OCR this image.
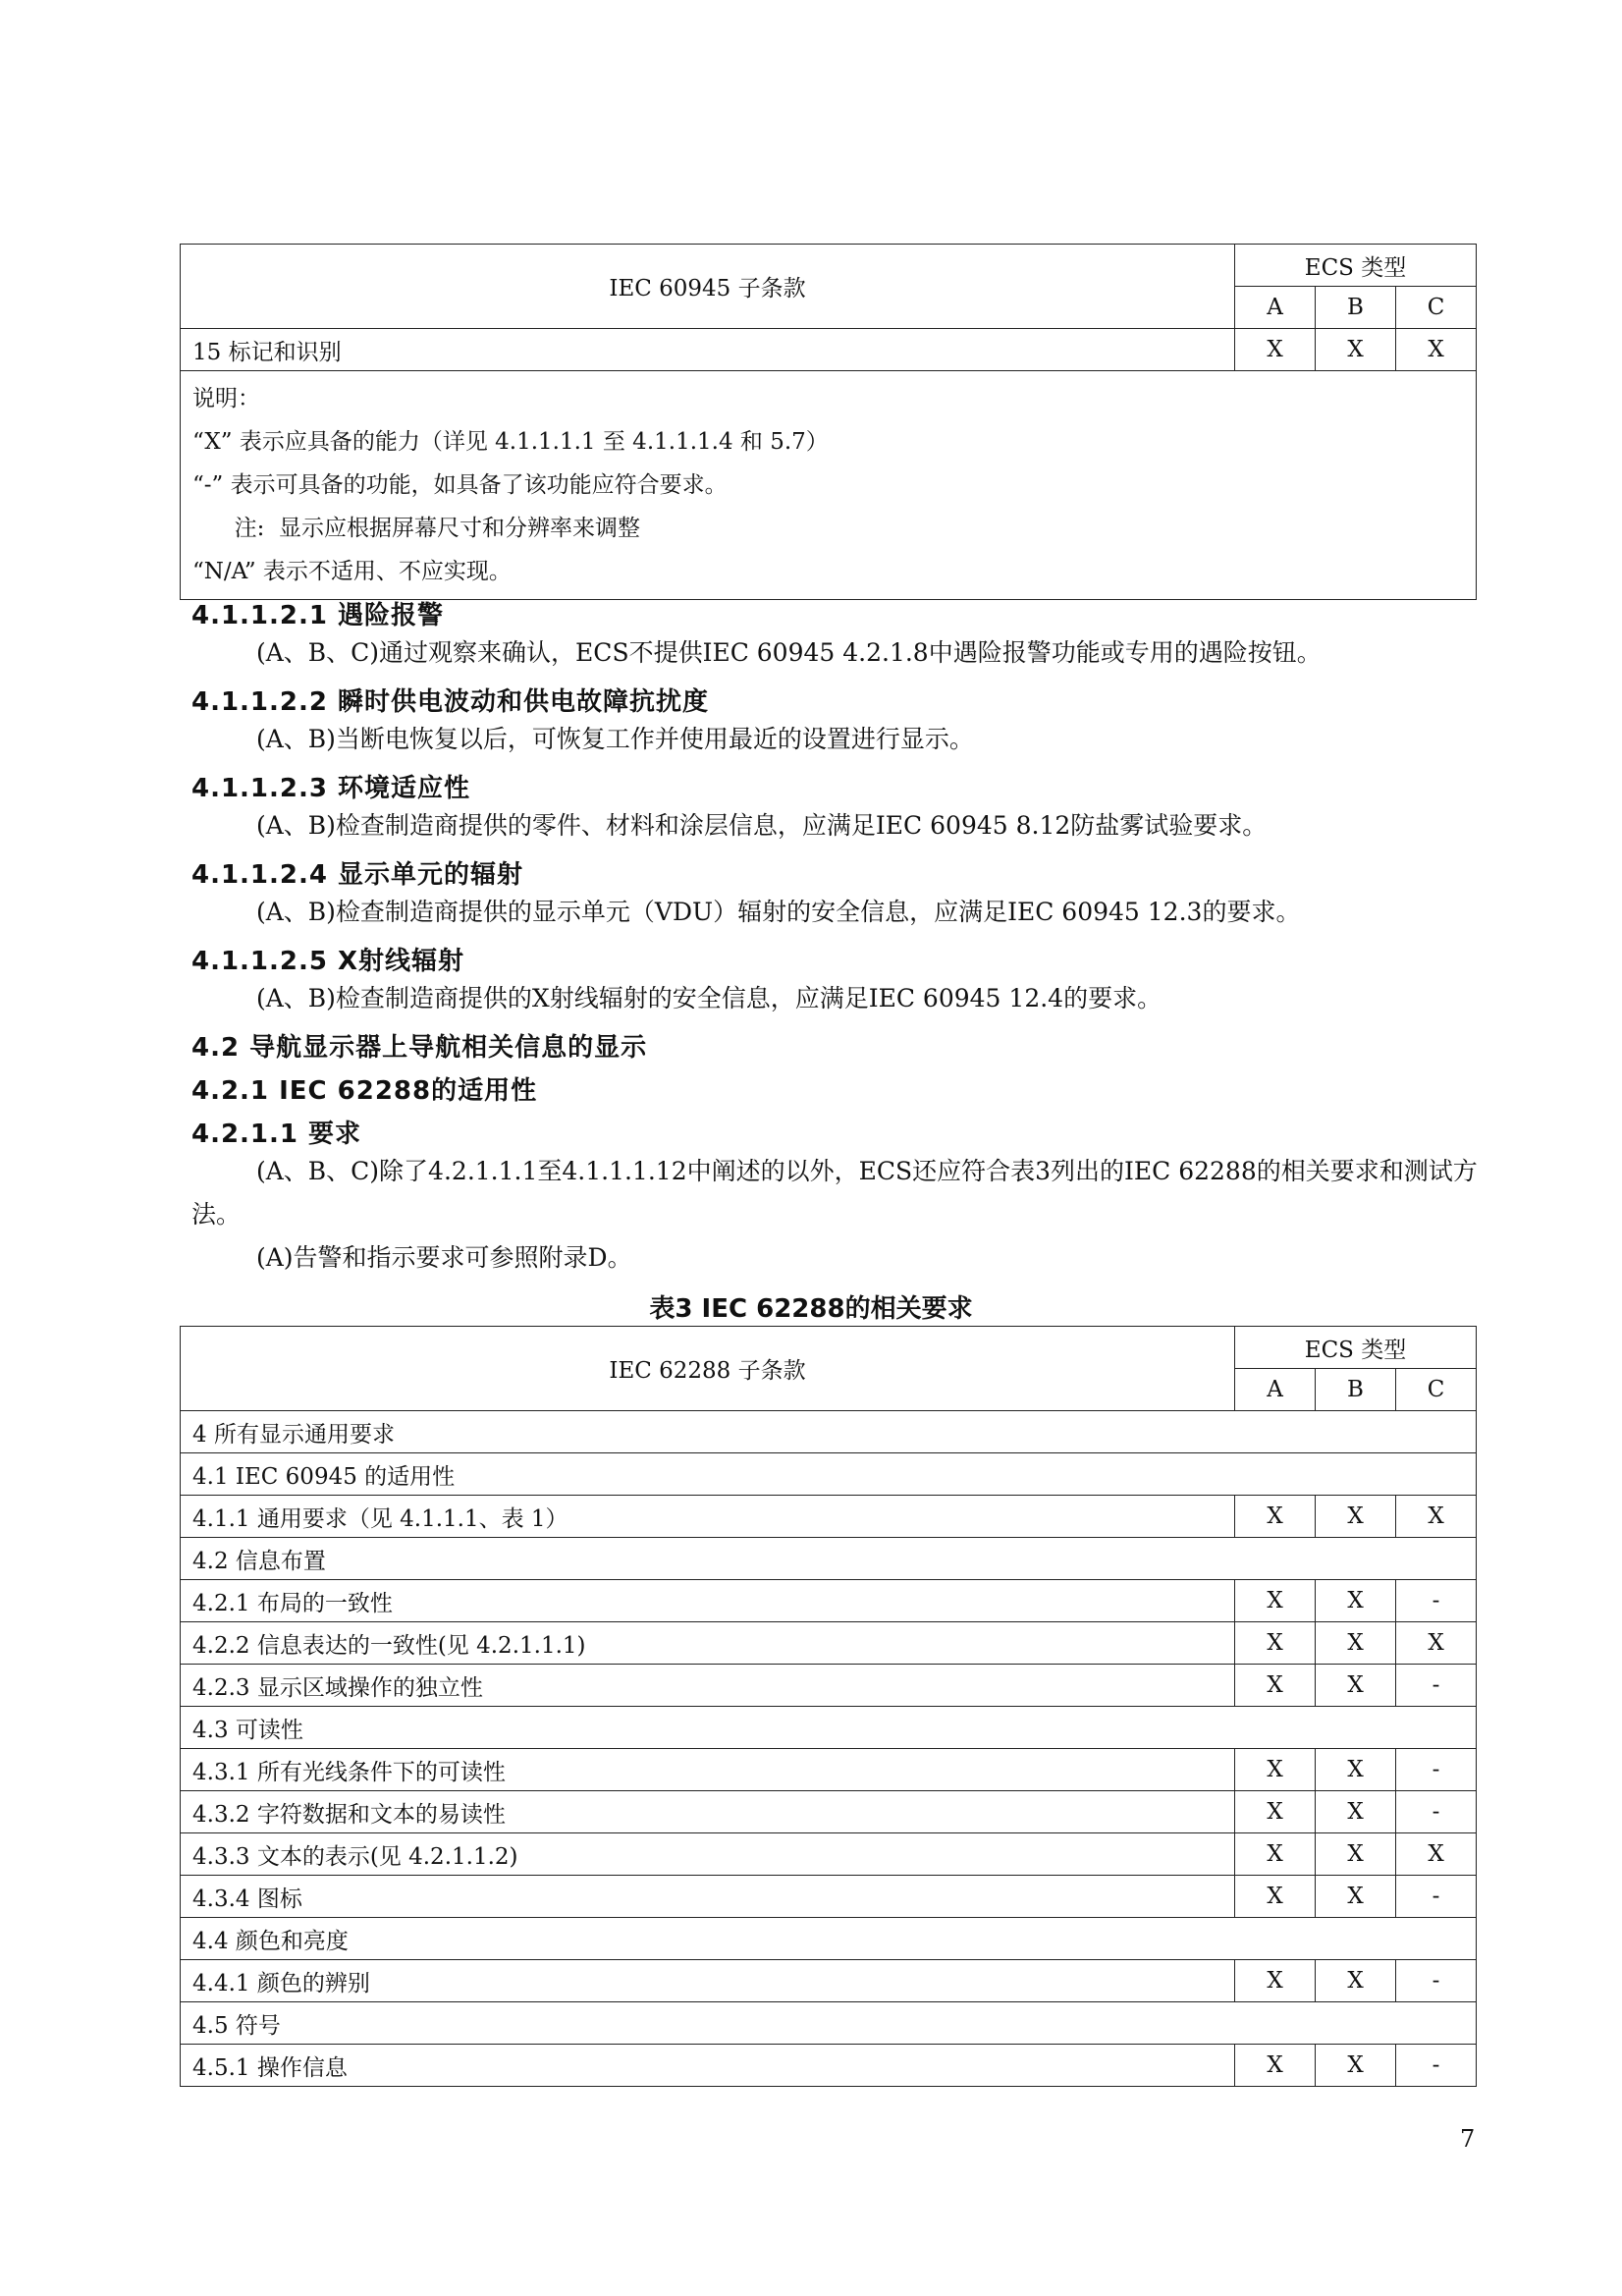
IEC 60945 子条款	ECS 类型		
	A	B	C
15 标记和识别	X	X	X

说明：
“X” 表示应具备的能力（详见 4.1.1.1.1 至 4.1.1.1.4 和 5.7）
“-” 表示可具备的功能，如具备了该功能应符合要求。
注:  显示应根据屏幕尺寸和分辨率来调整
“N/A” 表示不适用、不应实现。			
4.1.1.2.1 遇险报警
(A、B、C)通过观察来确认，ECS不提供IEC 60945 4.2.1.8中遇险报警功能或专用的遇险按钮。
4.1.1.2.2 瞬时供电波动和供电故障抗扰度
(A、B)当断电恢复以后，可恢复工作并使用最近的设置进行显示。
4.1.1.2.3 环境适应性
(A、B)检查制造商提供的零件、材料和涂层信息，应满足IEC 60945 8.12防盐雾试验要求。
4.1.1.2.4 显示单元的辐射
(A、B)检查制造商提供的显示单元（VDU）辐射的安全信息，应满足IEC 60945 12.3的要求。
4.1.1.2.5 X射线辐射
(A、B)检查制造商提供的X射线辐射的安全信息，应满足IEC 60945 12.4的要求。
4.2 导航显示器上导航相关信息的显示
4.2.1 IEC 62288的适用性
4.2.1.1 要求
(A、B、C)除了4.2.1.1.1至4.1.1.1.12中阐述的以外，ECS还应符合表3列出的IEC 62288的相关要求和测试方法。
(A)告警和指示要求可参照附录D。
表3 IEC 62288的相关要求
IEC 62288 子条款	ECS 类型		
	A	B	C
4 所有显示通用要求			
4.1 IEC 60945 的适用性			
4.1.1 通用要求（见 4.1.1.1、表 1）	X	X	X
4.2 信息布置			
4.2.1 布局的一致性	X	X	-
4.2.2 信息表达的一致性(见 4.2.1.1.1)	X	X	X
4.2.3 显示区域操作的独立性	X	X	-
4.3 可读性			
4.3.1 所有光线条件下的可读性	X	X	-
4.3.2 字符数据和文本的易读性	X	X	-
4.3.3 文本的表示(见 4.2.1.1.2)	X	X	X
4.3.4 图标	X	X	-
4.4 颜色和亮度			
4.4.1 颜色的辨别	X	X	-
4.5 符号			
4.5.1 操作信息	X	X	-
7
